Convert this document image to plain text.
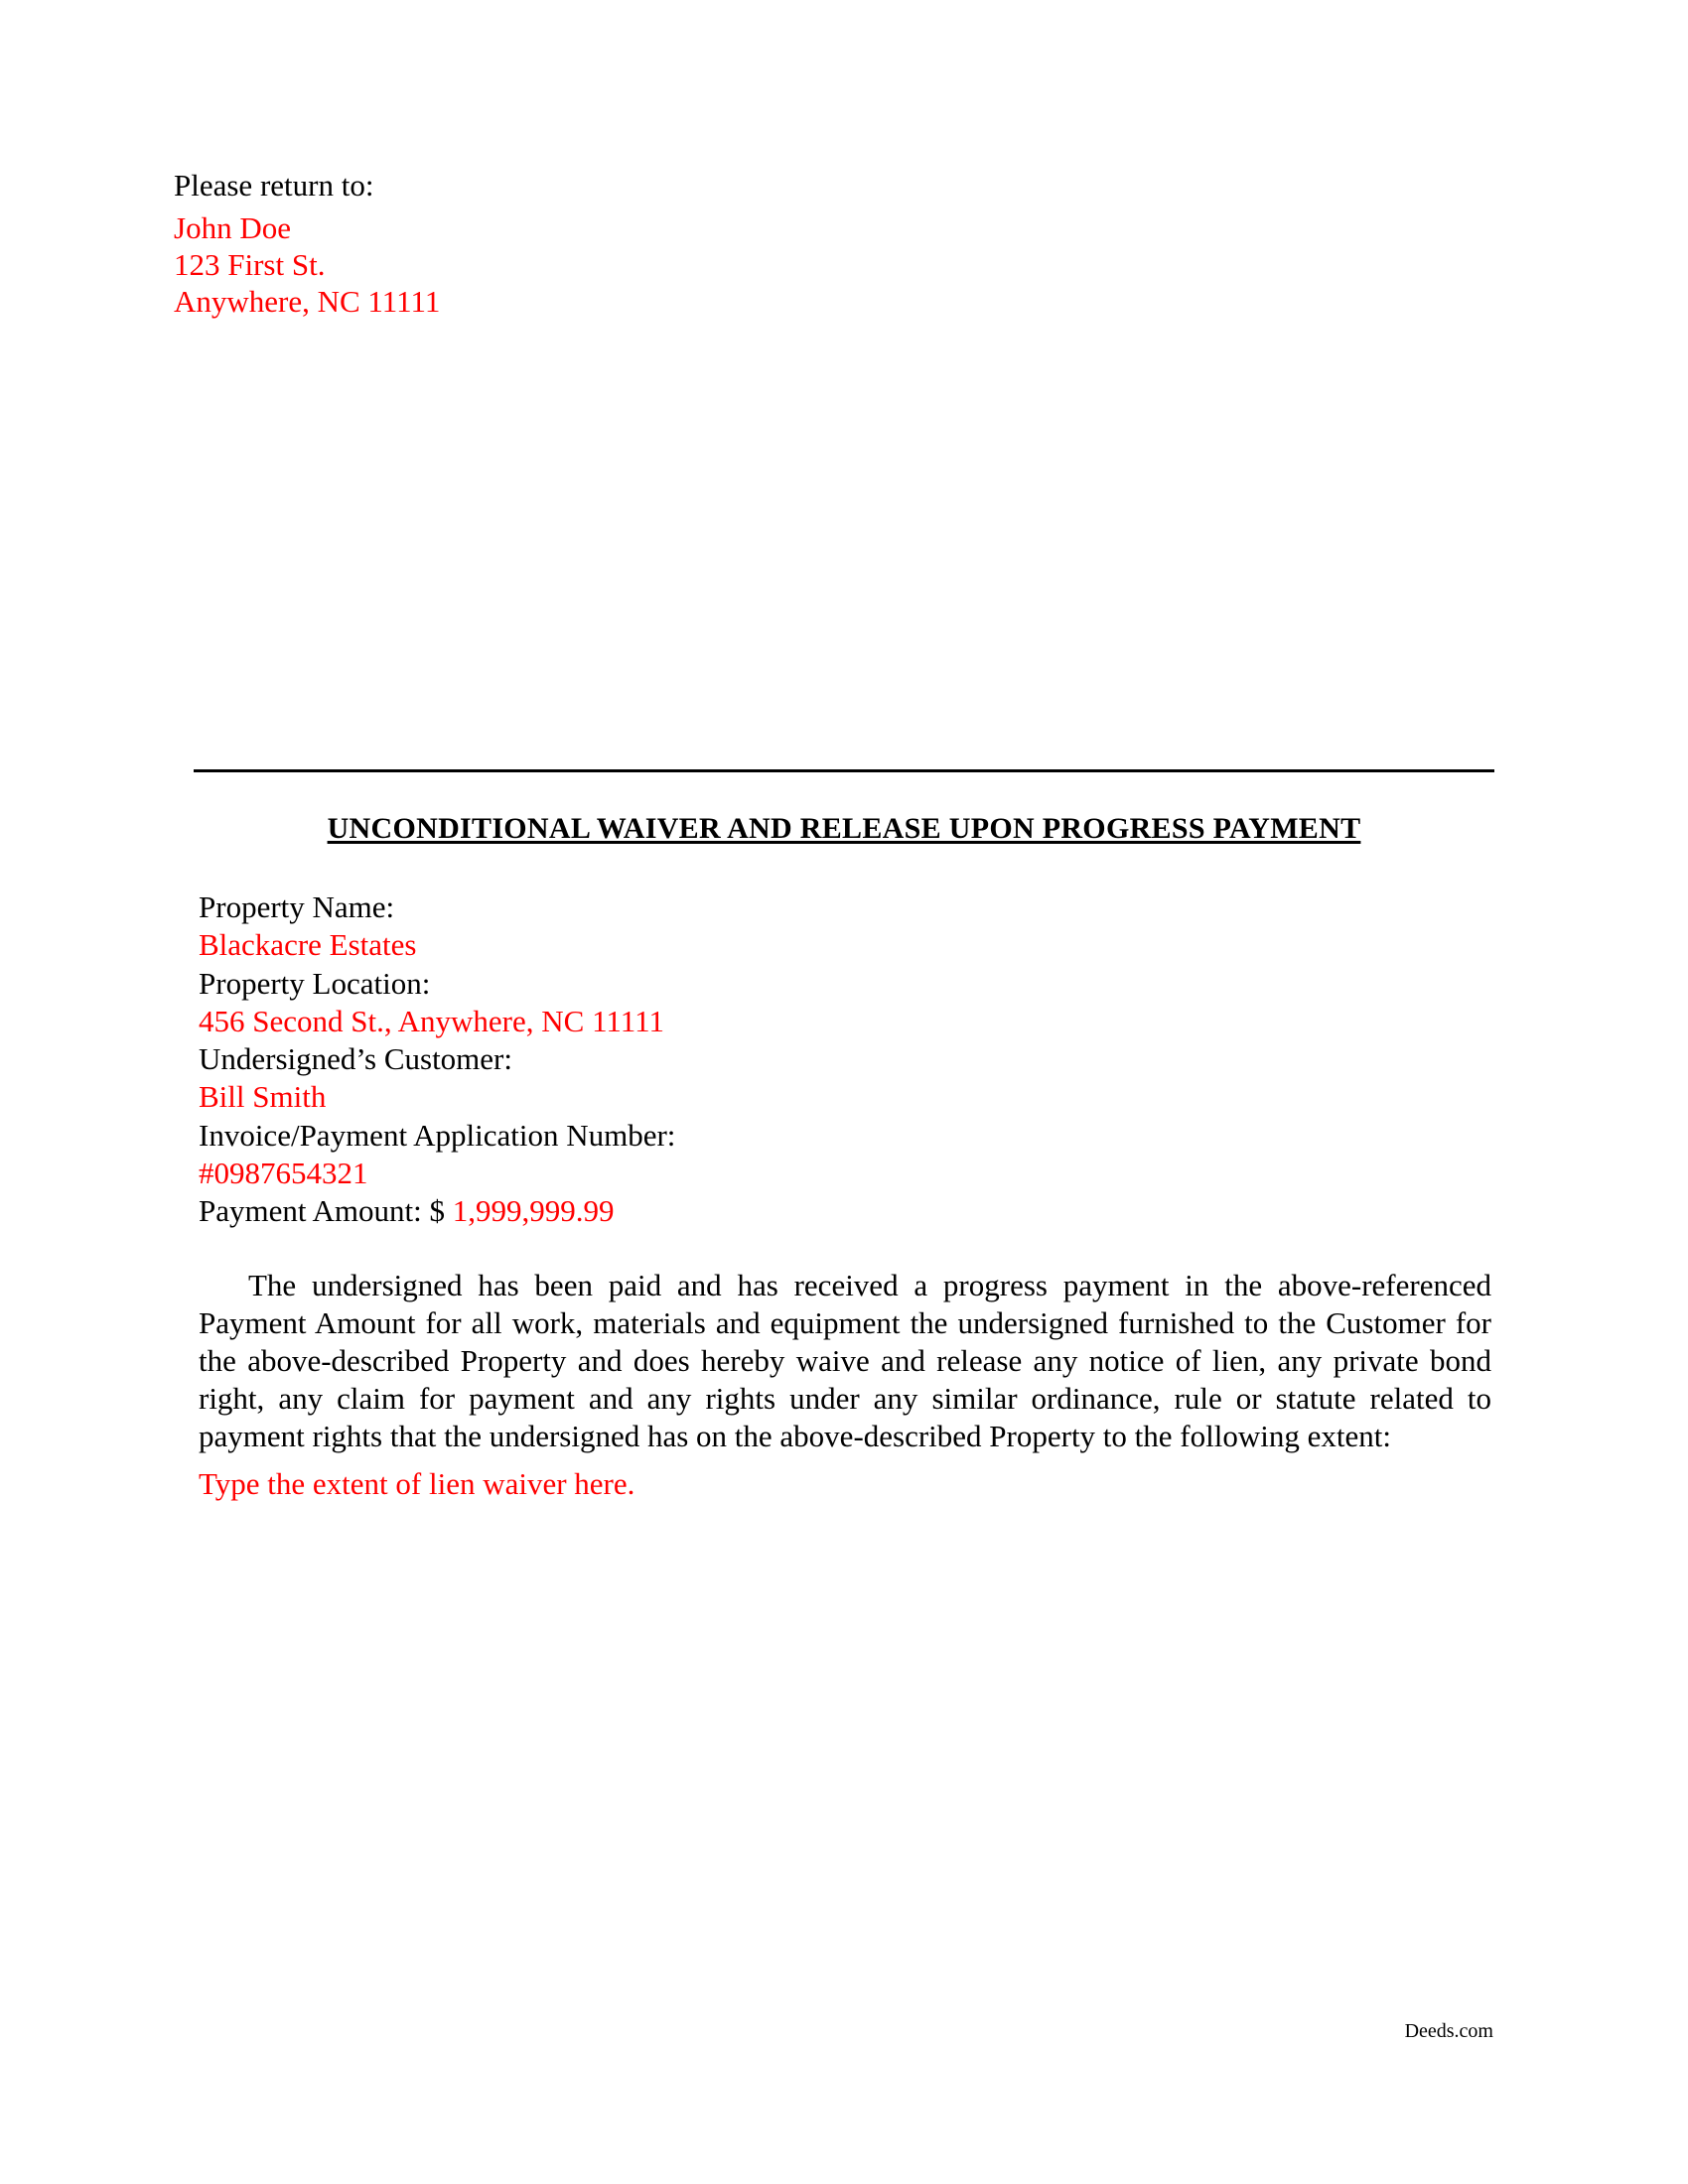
Please return to:
John Doe
123 First St.
Anywhere, NC 11111
UNCONDITIONAL WAIVER AND RELEASE UPON PROGRESS PAYMENT
Property Name:
Blackacre Estates
Property Location:
456 Second St., Anywhere, NC 11111
Undersigned’s Customer:
Bill Smith
Invoice/Payment Application Number:
#0987654321
Payment Amount: $ 1,999,999.99
The undersigned has been paid and has received a progress payment in the above-referenced Payment Amount for all work, materials and equipment the undersigned furnished to the Customer for the above-described Property and does hereby waive and release any notice of lien, any private bond right, any claim for payment and any rights under any similar ordinance, rule or statute related to payment rights that the undersigned has on the above-described Property to the following extent:
Type the extent of lien waiver here.
Deeds.com
